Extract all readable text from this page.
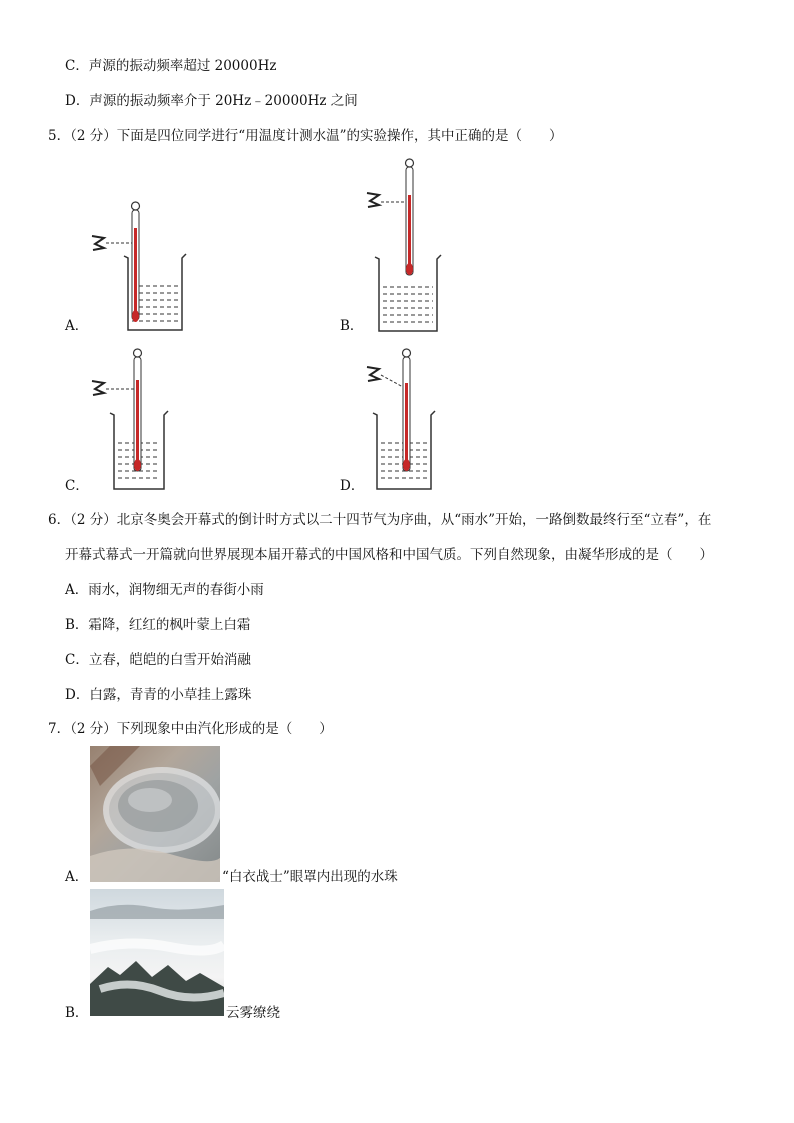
C．声源的振动频率超过 20000Hz
D．声源的振动频率介于 20Hz﹣20000Hz 之间
5．（2 分）下面是四位同学进行“用温度计测水温”的实验操作，其中正确的是（　　）
A．	B．
C．	D．
6．（2 分）北京冬奥会开幕式的倒计时方式以二十四节气为序曲，从“雨水”开始，一路倒数最终行至“立春”，在
开幕式幕式一开篇就向世界展现本届开幕式的中国风格和中国气质。下列自然现象，由凝华形成的是（　　）
A．雨水，润物细无声的春街小雨
B．霜降，红红的枫叶蒙上白霜
C．立春，皑皑的白雪开始消融
D．白露，青青的小草挂上露珠
7．（2 分）下列现象中由汽化形成的是（　　）
A．	“白衣战士”眼罩内出现的水珠
B．	云雾缭绕
